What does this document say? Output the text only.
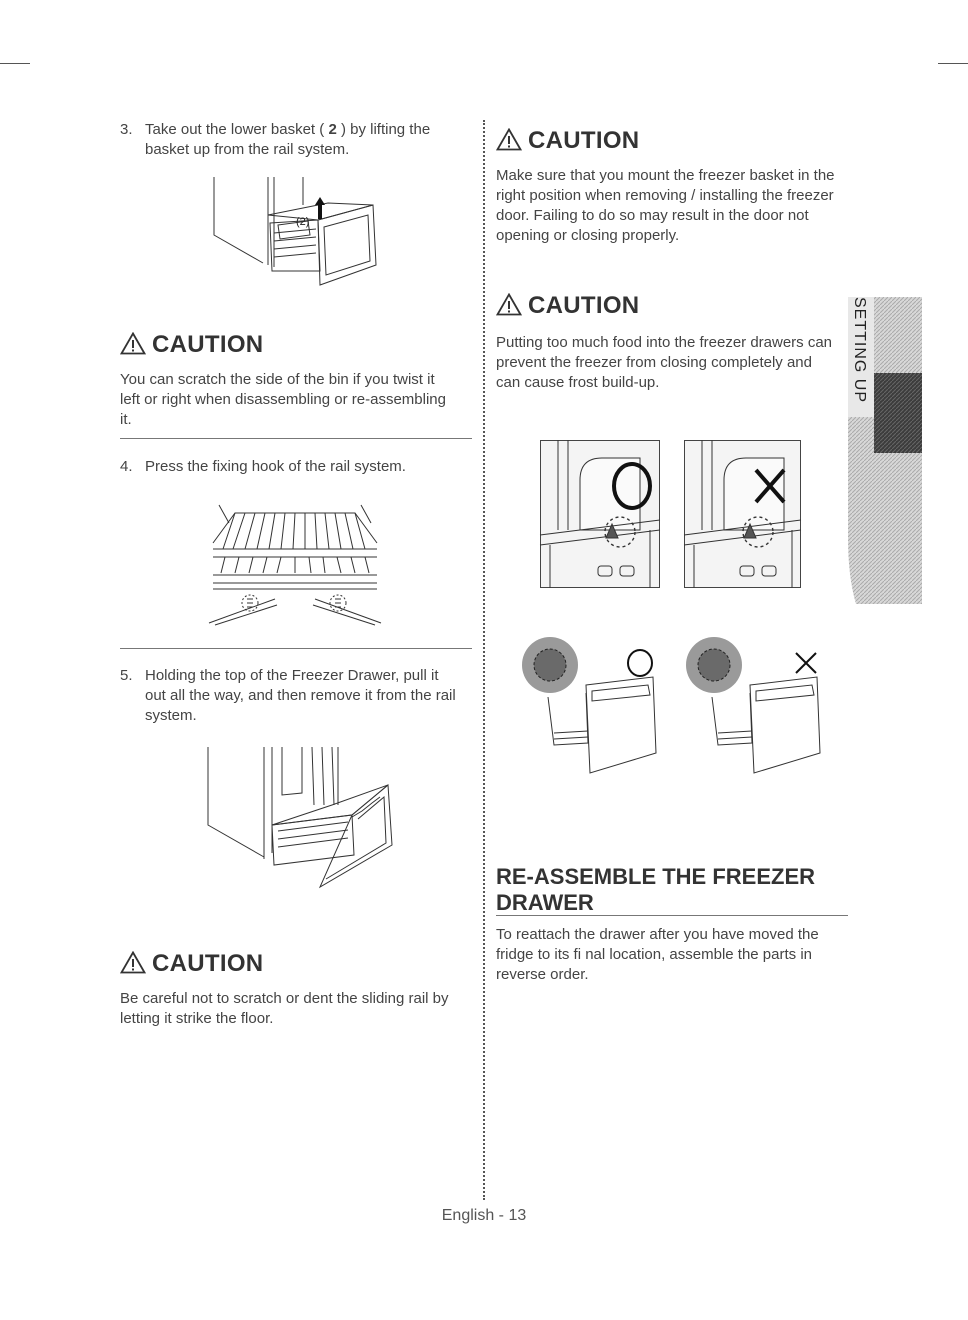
3. Take out the lower basket ( 2 ) by lifting the
basket up from the rail system.
(2)
CAUTION
You can scratch the side of the bin if you twist it
left or right when disassembling or re-assembling
it.
4. Press the fixing hook of the rail system.
5. Holding the top of the Freezer Drawer, pull it
out all the way, and then remove it from the rail
system.
CAUTION
Be careful not to scratch or dent the sliding rail by
letting it strike the floor.
CAUTION
Make sure that you mount the freezer basket in the
right position when removing / installing the freezer
door. Failing to do so may result in the door not
opening or closing properly.
CAUTION
Putting too much food into the freezer drawers can
prevent the freezer from closing completely and
can cause frost build-up.
RE-ASSEMBLE THE FREEZER
DRAWER
To reattach the drawer after you have moved the
fridge to its fi nal location, assemble the parts in
reverse order.
SETTING UP
English - 13
